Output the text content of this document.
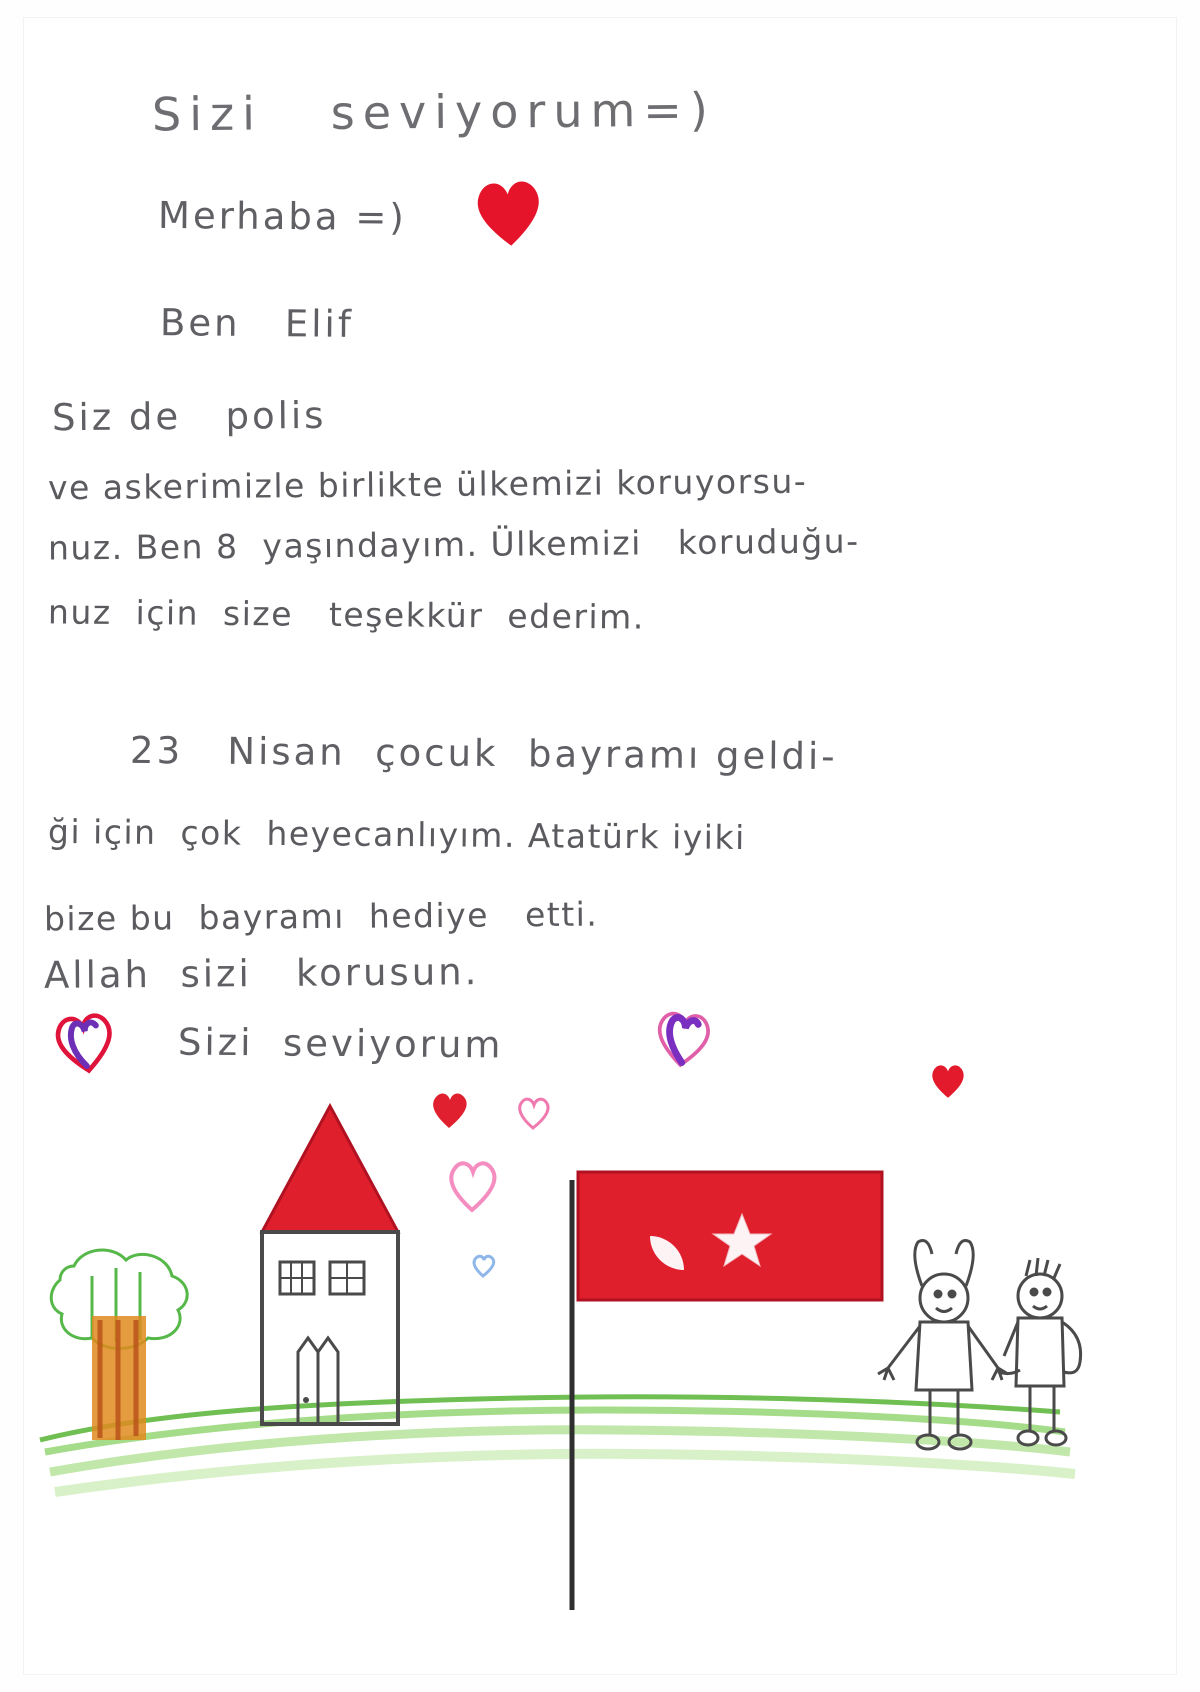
Sizi   seviyorum=)
Merhaba =)
Ben   Elif
Siz de   polis
ve askerimizle birlikte ülkemizi koruyorsu-
nuz. Ben 8  yaşındayım. Ülkemizi   koruduğu-
nuz  için  size   teşekkür  ederim.
23   Nisan  çocuk  bayramı geldi-
ği için  çok  heyecanlıyım. Atatürk iyiki
bize bu  bayramı  hediye   etti.
Allah  sizi   korusun.
Sizi  seviyorum
